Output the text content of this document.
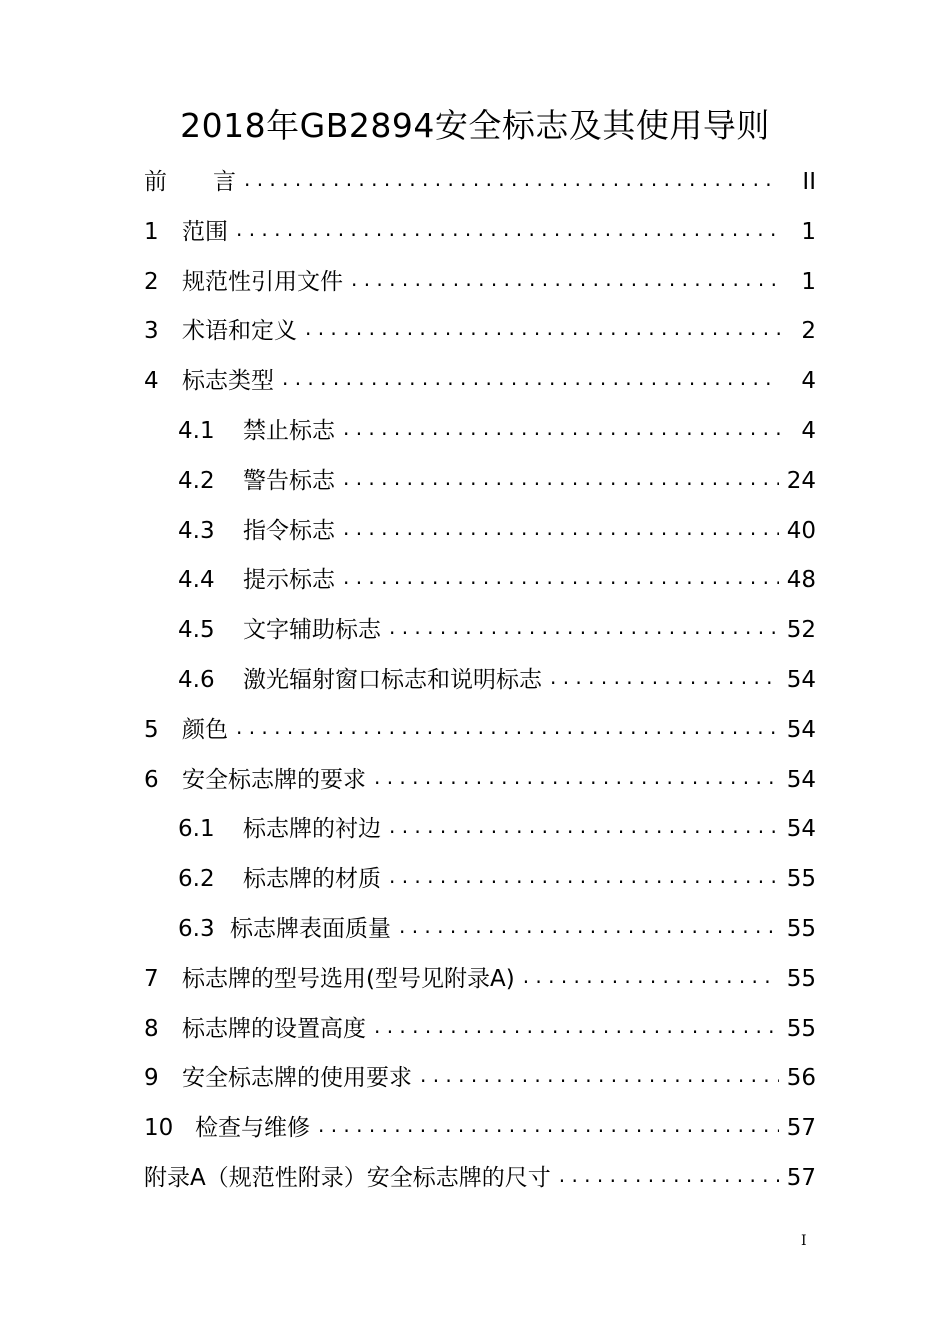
2018年GB2894安全标志及其使用导则
前　　言 . . .	II
1	范围 . . .	1
2	规范性引用文件 . . .	1
3	术语和定义 . . .	2
4	标志类型 . . .	4
4.1	禁止标志 . . .	4
4.2	警告标志 . . .	24
4.3	指令标志 . . .	40
4.4	提示标志 . . .	48
4.5	文字辅助标志 . . .	52
4.6	激光辐射窗口标志和说明标志 . . .	54
5	颜色 . . .	54
6	安全标志牌的要求 . . .	54
6.1	标志牌的衬边 . . .	54
6.2	标志牌的材质 . . .	55
6.3 标志牌表面质量 . . .	55
7	标志牌的型号选用(型号见附录A) . . .	55
8	标志牌的设置高度 . . .	55
9	安全标志牌的使用要求 . . .	56
10 检查与维修 . . .	57
附录A（规范性附录）安全标志牌的尺寸 . . .	57
I
